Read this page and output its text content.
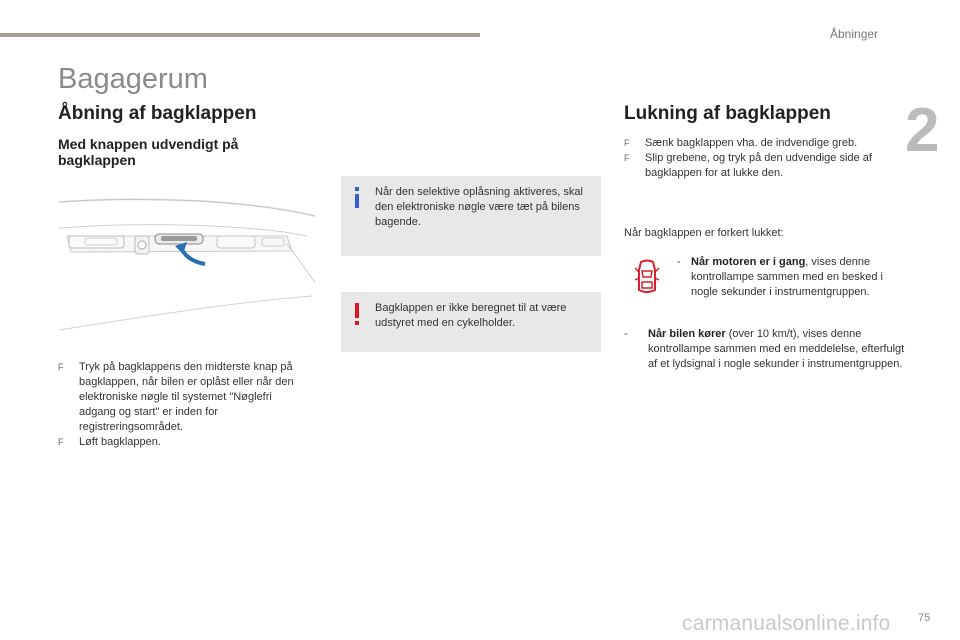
Åbninger
2
Bagagerum
Åbning af bagklappen
Med knappen udvendigt på bagklappen
F Tryk på bagklappens den midterste knap på bagklappen, når bilen er oplåst eller når den elektroniske nøgle til systemet "Nøglefri adgang og start" er inden for registreringsområdet.
F Løft bagklappen.
Når den selektive oplåsning aktiveres, skal den elektroniske nøgle være tæt på bilens bagende.
Bagklappen er ikke beregnet til at være udstyret med en cykelholder.
Lukning af bagklappen
F Sænk bagklappen vha. de indvendige greb.
F Slip grebene, og tryk på den udvendige side af bagklappen for at lukke den.
Når bagklappen er forkert lukket:
- Når motoren er i gang, vises denne kontrollampe sammen med en besked i nogle sekunder i instrumentgruppen.
- Når bilen kører (over 10 km/t), vises denne kontrollampe sammen med en meddelelse, efterfulgt af et lydsignal i nogle sekunder i instrumentgruppen.
carmanualsonline.info	75
